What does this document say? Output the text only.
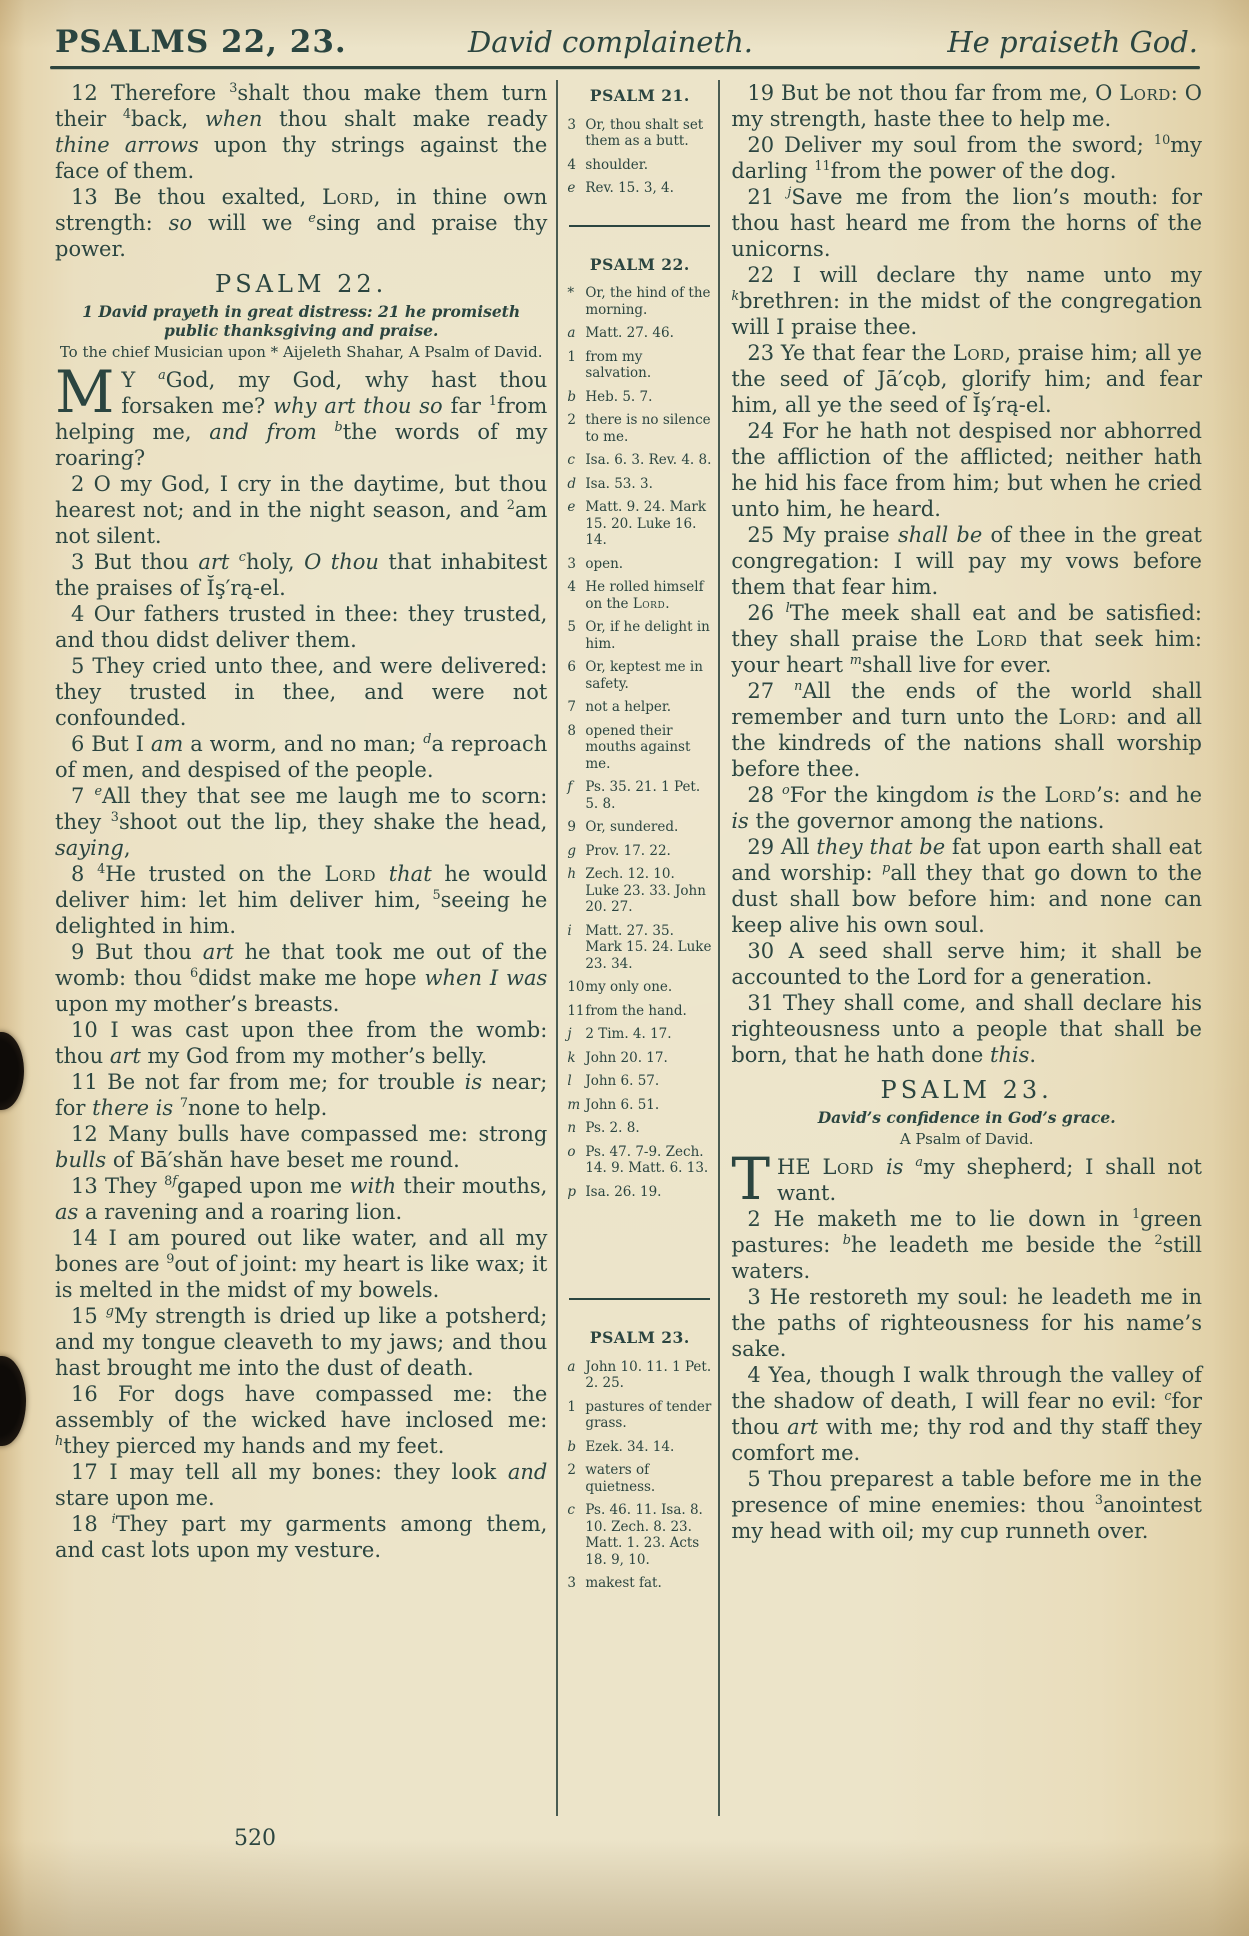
PSALMS 22, 23.	David complaineth.	He praiseth God.
12 Therefore $^3$shalt thou make them turn their $^4$back, when thou shalt make ready thine arrows upon thy strings against the face of them.
13 Be thou exalted, Lord, in thine own strength: so will we $^e$sing and praise thy power.
PSALM 22.
1 David prayeth in great distress: 21 he promiseth public thanksgiving and praise.
To the chief Musician upon * Aijeleth Shahar, A Psalm of David.
M Y $^a$God, my God, why hast thou forsaken me? why art thou so far $^1$from helping me, and from $^b$the words of my roaring?
2 O my God, I cry in the daytime, but thou hearest not; and in the night season, and $^2$am not silent.
3 But thou art $^c$holy, O thou that inhabitest the praises of Ĭş′rą-el.
4 Our fathers trusted in thee: they trusted, and thou didst deliver them.
5 They cried unto thee, and were delivered: they trusted in thee, and were not confounded.
6 But I am a worm, and no man; $^d$a reproach of men, and despised of the people.
7 $^e$All they that see me laugh me to scorn: they $^3$shoot out the lip, they shake the head, saying,
8 $^4$He trusted on the Lord that he would deliver him: let him deliver him, $^5$seeing he delighted in him.
9 But thou art he that took me out of the womb: thou $^6$didst make me hope when I was upon my mother’s breasts.
10 I was cast upon thee from the womb: thou art my God from my mother’s belly.
11 Be not far from me; for trouble is near; for there is $^7$none to help.
12 Many bulls have compassed me: strong bulls of Bā′shăn have beset me round.
13 They $^{8f}$gaped upon me with their mouths, as a ravening and a roaring lion.
14 I am poured out like water, and all my bones are $^9$out of joint: my heart is like wax; it is melted in the midst of my bowels.
15 $^g$My strength is dried up like a potsherd; and my tongue cleaveth to my jaws; and thou hast brought me into the dust of death.
16 For dogs have compassed me: the assembly of the wicked have inclosed me: $^h$they pierced my hands and my feet.
17 I may tell all my bones: they look and stare upon me.
18 $^i$They part my garments among them, and cast lots upon my vesture.
PSALM 21.
3 Or, thou shalt set them as a butt.
4 shoulder.
e Rev. 15. 3, 4.
PSALM 22.
* Or, the hind of the morning.
a Matt. 27. 46.
1 from my salvation.
b Heb. 5. 7.
2 there is no silence to me.
c Isa. 6. 3. Rev. 4. 8.
d Isa. 53. 3.
e Matt. 9. 24. Mark 15. 20. Luke 16. 14.
3 open.
4 He rolled himself on the Lord.
5 Or, if he delight in him.
6 Or, keptest me in safety.
7 not a helper.
8 opened their mouths against me.
f Ps. 35. 21. 1 Pet. 5. 8.
9 Or, sundered.
g Prov. 17. 22.
h Zech. 12. 10. Luke 23. 33. John 20. 27.
i	Matt. 27. 35. Mark 15. 24. Luke 23. 34.
10 my only one.
11 from the hand.
j	2 Tim. 4. 17.
k John 20. 17.
l	John 6. 57.
m John 6. 51.
n Ps. 2. 8.
o Ps. 47. 7-9. Zech. 14. 9. Matt. 6. 13.
p Isa. 26. 19.
PSALM 23.
a John 10. 11. 1 Pet. 2. 25.
1 pastures of tender grass.
b Ezek. 34. 14.
2 waters of quietness.
c Ps. 46. 11. Isa. 8. 10. Zech. 8. 23. Matt. 1. 23. Acts 18. 9, 10.
3 makest fat.
19 But be not thou far from me, O Lord: O my strength, haste thee to help me.
20 Deliver my soul from the sword; $^{10}$my darling $^{11}$from the power of the dog.
21 $^j$Save me from the lion’s mouth: for thou hast heard me from the horns of the unicorns.
22 I will declare thy name unto my $^k$brethren: in the midst of the congregation will I praise thee.
23 Ye that fear the Lord, praise him; all ye the seed of Jā′cǫb, glorify him; and fear him, all ye the seed of Ĭş′rą-el.
24 For he hath not despised nor abhorred the affliction of the afflicted; neither hath he hid his face from him; but when he cried unto him, he heard.
25 My praise shall be of thee in the great congregation: I will pay my vows before them that fear him.
26 $^l$The meek shall eat and be satisfied: they shall praise the Lord that seek him: your heart $^m$shall live for ever.
27 $^n$All the ends of the world shall remember and turn unto the Lord: and all the kindreds of the nations shall worship before thee.
28 $^o$For the kingdom is the Lord’s: and he is the governor among the nations.
29 All they that be fat upon earth shall eat and worship: $^p$all they that go down to the dust shall bow before him: and none can keep alive his own soul.
30 A seed shall serve him; it shall be accounted to the Lord for a generation.
31 They shall come, and shall declare his righteousness unto a people that shall be born, that he hath done this.
PSALM 23.
David’s confidence in God’s grace.
A Psalm of David.
THE Lord is $^a$my shepherd; I shall not want.
2 He maketh me to lie down in $^1$green pastures: $^b$he leadeth me beside the $^2$still waters.
3 He restoreth my soul: he leadeth me in the paths of righteousness for his name’s sake.
4 Yea, though I walk through the valley of the shadow of death, I will fear no evil: $^c$for thou art with me; thy rod and thy staff they comfort me.
5 Thou preparest a table before me in the presence of mine enemies: thou $^3$anointest my head with oil; my cup runneth over.
520
